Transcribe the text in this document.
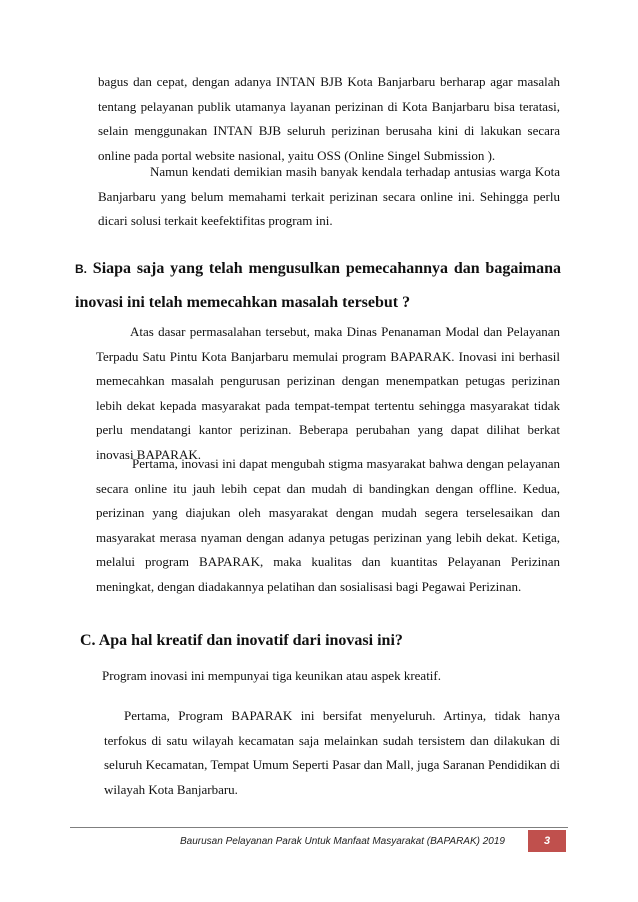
bagus dan cepat, dengan adanya INTAN BJB Kota Banjarbaru berharap agar masalah tentang pelayanan publik utamanya layanan perizinan di Kota Banjarbaru bisa teratasi, selain menggunakan INTAN BJB seluruh perizinan berusaha kini di lakukan secara online pada portal website nasional, yaitu OSS (Online Singel Submission ).

Namun kendati demikian masih banyak kendala terhadap antusias warga Kota Banjarbaru yang belum memahami terkait perizinan secara online ini. Sehingga perlu dicari solusi terkait keefektifitas program ini.

B. Siapa saja yang telah mengusulkan pemecahannya dan bagaimana inovasi ini telah memecahkan masalah tersebut ?

Atas dasar permasalahan tersebut, maka Dinas Penanaman Modal dan Pelayanan Terpadu Satu Pintu Kota Banjarbaru memulai program BAPARAK. Inovasi ini berhasil memecahkan masalah pengurusan perizinan dengan menempatkan petugas perizinan lebih dekat kepada masyarakat pada tempat-tempat tertentu sehingga masyarakat tidak perlu mendatangi kantor perizinan. Beberapa perubahan yang dapat dilihat berkat inovasi BAPARAK.

Pertama, inovasi ini dapat mengubah stigma masyarakat bahwa dengan pelayanan secara online itu jauh lebih cepat dan mudah di bandingkan dengan offline. Kedua, perizinan yang diajukan oleh masyarakat dengan mudah segera terselesaikan dan masyarakat merasa nyaman dengan adanya petugas perizinan yang lebih dekat. Ketiga, melalui program BAPARAK, maka kualitas dan kuantitas Pelayanan Perizinan meningkat, dengan diadakannya pelatihan dan sosialisasi bagi Pegawai Perizinan.

C. Apa hal kreatif dan inovatif dari inovasi ini?

Program inovasi ini mempunyai tiga keunikan atau aspek kreatif.

Pertama, Program BAPARAK ini bersifat menyeluruh. Artinya, tidak hanya terfokus di satu wilayah kecamatan saja melainkan sudah tersistem dan dilakukan di seluruh Kecamatan, Tempat Umum Seperti Pasar dan Mall, juga Saranan Pendidikan di wilayah Kota Banjarbaru.

Baurusan Pelayanan Parak Untuk Manfaat Masyarakat (BAPARAK) 2019	3
